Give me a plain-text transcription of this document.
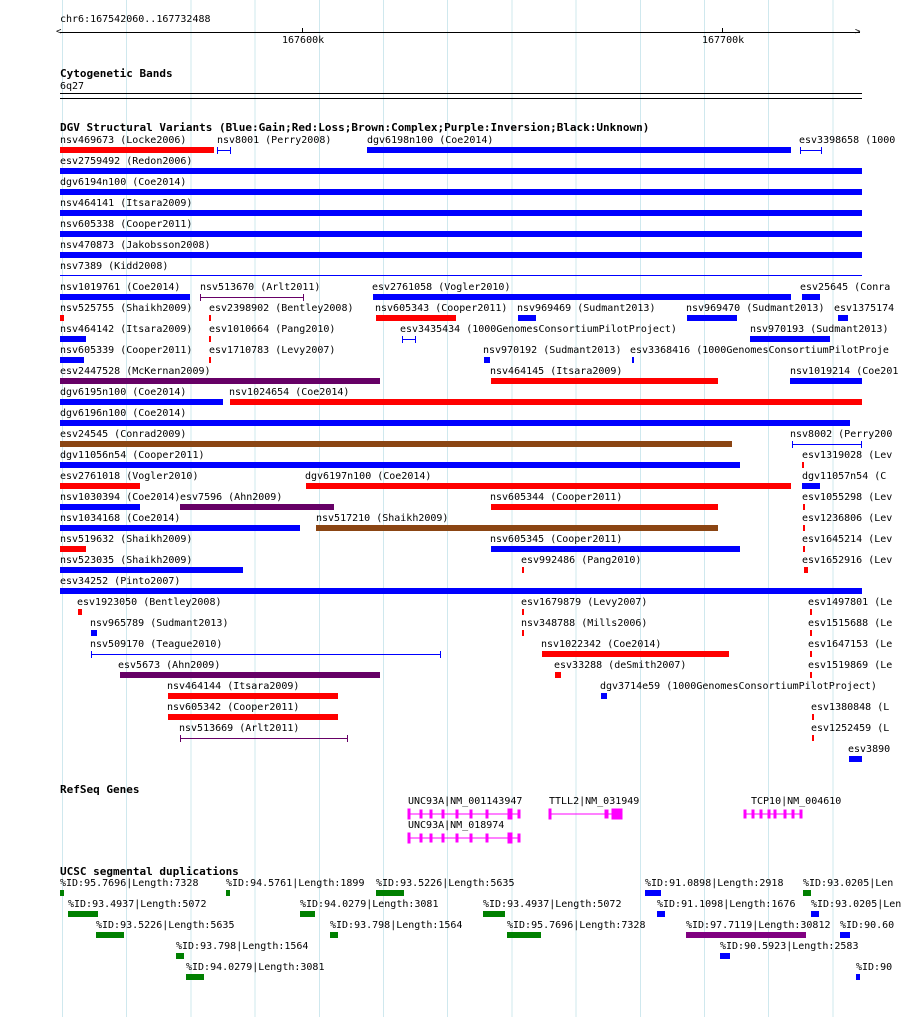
chr6:167542060..167732488
<	>
167600k	167700k
Cytogenetic Bands
6q27
DGV Structural Variants (Blue:Gain;Red:Loss;Brown:Complex;Purple:Inversion;Black:Unknown)
RefSeq Genes
UCSC segmental duplications
nsv469673 (Locke2006)	nsv8001 (Perry2008)	dgv6198n100 (Coe2014)	esv3398658 (1000
esv2759492 (Redon2006)
dgv6194n100 (Coe2014)
nsv464141 (Itsara2009)
nsv605338 (Cooper2011)
nsv470873 (Jakobsson2008)
nsv7389 (Kidd2008)
nsv1019761 (Coe2014) nsv513670 (Arlt2011)	esv2761058 (Vogler2010)	esv25645 (Conra
nsv525755 (Shaikh2009) esv2398902 (Bentley2008) nsv605343 (Cooper2011) nsv969469 (Sudmant2013)	nsv969470 (Sudmant2013) esv1375174
nsv464142 (Itsara2009) esv1010664 (Pang2010)	esv3435434 (1000GenomesConsortiumPilotProject)	nsv970193 (Sudmant2013)
nsv605339 (Cooper2011) esv1710783 (Levy2007)	nsv970192 (Sudmant2013) esv3368416 (1000GenomesConsortiumPilotProje
esv2447528 (McKernan2009)	nsv464145 (Itsara2009)	nsv1019214 (Coe201
dgv6195n100 (Coe2014)	nsv1024654 (Coe2014)
dgv6196n100 (Coe2014)
esv24545 (Conrad2009)	nsv8002 (Perry200
dgv11056n54 (Cooper2011)	esv1319028 (Lev
esv2761018 (Vogler2010)	dgv6197n100 (Coe2014)	dgv11057n54 (C
nsv1030394 (Coe2014) esv7596 (Ahn2009)	nsv605344 (Cooper2011)	esv1055298 (Lev
nsv1034168 (Coe2014)	nsv517210 (Shaikh2009)	esv1236806 (Lev
nsv519632 (Shaikh2009)	nsv605345 (Cooper2011)	esv1645214 (Lev
nsv523035 (Shaikh2009)	esv992486 (Pang2010)	esv1652916 (Lev
esv34252 (Pinto2007)
esv1923050 (Bentley2008)	esv1679879 (Levy2007)	esv1497801 (Le
nsv965789 (Sudmant2013)	nsv348788 (Mills2006)	esv1515688 (Le
nsv509170 (Teague2010)	nsv1022342 (Coe2014)	esv1647153 (Le
esv5673 (Ahn2009)	esv33288 (deSmith2007)	esv1519869 (Le
nsv464144 (Itsara2009)	dgv3714e59 (1000GenomesConsortiumPilotProject)
nsv605342 (Cooper2011)	esv1380848 (L
nsv513669 (Arlt2011)	esv1252459 (L
esv3890
%ID:95.7696|Length:7328	%ID:94.5761|Length:1899 %ID:93.5226|Length:5635	%ID:91.0898|Length:2918 %ID:93.0205|Len
%ID:93.4937|Length:5072	%ID:94.0279|Length:3081	%ID:93.4937|Length:5072	%ID:91.1098|Length:1676 %ID:93.0205|Len
%ID:93.5226|Length:5635	%ID:93.798|Length:1564	%ID:95.7696|Length:7328	%ID:97.7119|Length:30812 %ID:90.60
%ID:93.798|Length:1564	%ID:90.5923|Length:2583
%ID:94.0279|Length:3081	%ID:90
UNC93A|NM_001143947	TTLL2|NM_031949	TCP10|NM_004610
UNC93A|NM_018974
